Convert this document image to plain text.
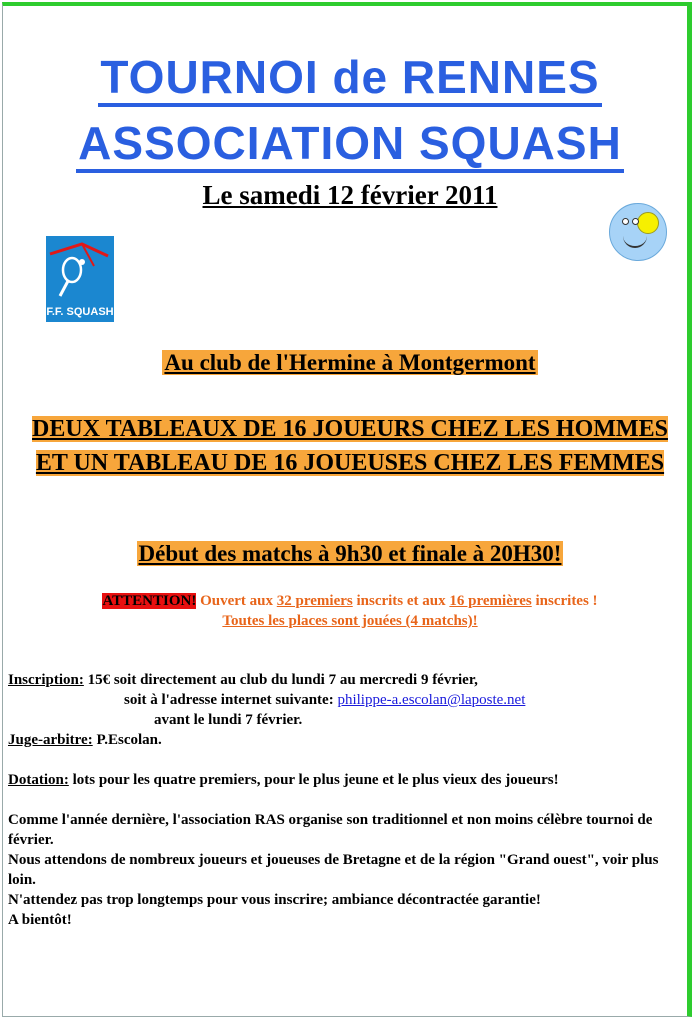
TOURNOI de RENNES
ASSOCIATION SQUASH
Le samedi 12 février 2011
F.F. SQUASH
Au club de l'Hermine à Montgermont
DEUX TABLEAUX DE 16 JOUEURS CHEZ LES HOMMES ET UN TABLEAU DE 16 JOUEUSES CHEZ LES FEMMES
Début des matchs à 9h30 et finale à 20H30!
ATTENTION! Ouvert aux 32 premiers inscrits et aux 16 premières inscrites !
Toutes les places sont jouées (4 matchs)!
Inscription: 15€ soit directement au club du lundi 7 au mercredi 9 février,
soit à l'adresse internet suivante: philippe-a.escolan@laposte.net
avant le lundi 7 février.
Juge-arbitre: P.Escolan.
Dotation: lots pour les quatre premiers, pour le plus jeune et le plus vieux des joueurs!
Comme l'année dernière, l'association RAS organise son traditionnel et non moins célèbre tournoi de février.
Nous attendons de nombreux joueurs et joueuses de Bretagne et de la région "Grand ouest", voir plus loin.
N'attendez pas trop longtemps pour vous inscrire; ambiance décontractée garantie!
A bientôt!
